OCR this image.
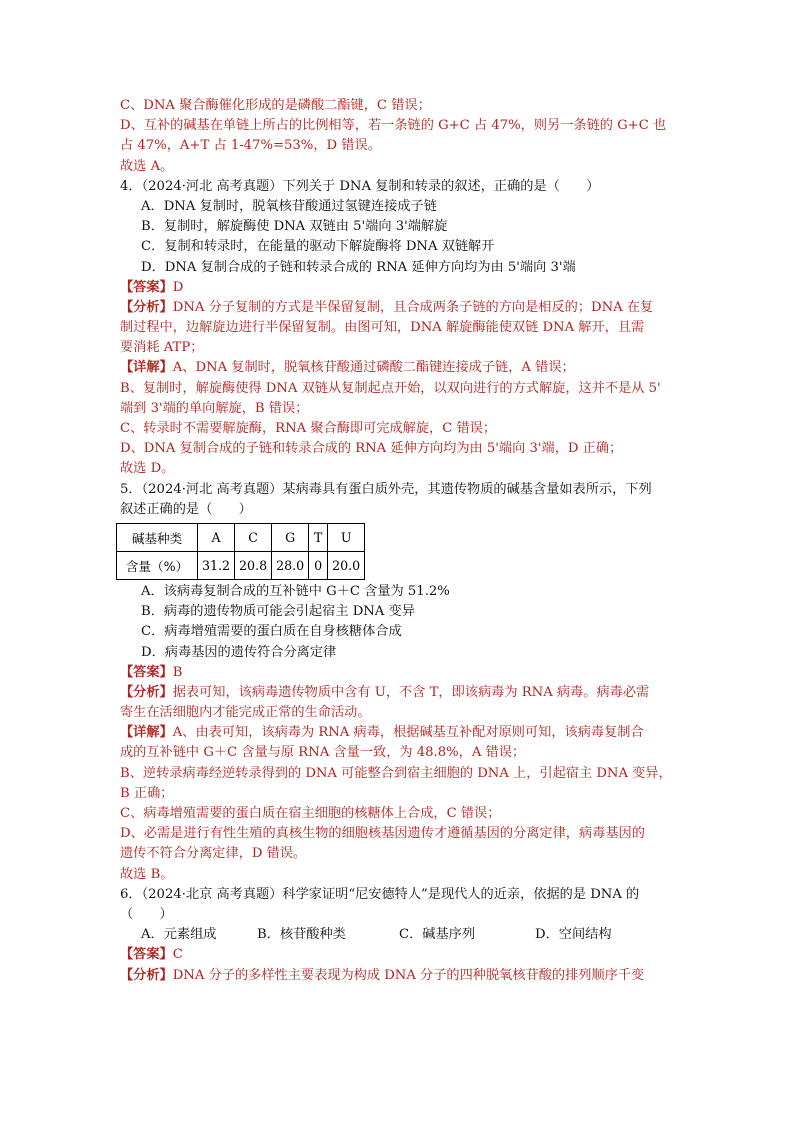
C、DNA 聚合酶催化形成的是磷酸二酯键，C 错误；
D、互补的碱基在单链上所占的比例相等，若一条链的 G+C 占 47%，则另一条链的 G+C 也
占 47%，A+T 占 1-47%=53%，D 错误。
故选 A。
4．（2024·河北 高考真题）下列关于 DNA 复制和转录的叙述，正确的是（　　）
A．DNA 复制时，脱氧核苷酸通过氢键连接成子链
B．复制时，解旋酶使 DNA 双链由 5'端向 3'端解旋
C．复制和转录时，在能量的驱动下解旋酶将 DNA 双链解开
D．DNA 复制合成的子链和转录合成的 RNA 延伸方向均为由 5'端向 3'端
【答案】D
【分析】DNA 分子复制的方式是半保留复制，且合成两条子链的方向是相反的；DNA 在复
制过程中，边解旋边进行半保留复制。由图可知，DNA 解旋酶能使双链 DNA 解开，且需
要消耗 ATP；
【详解】A、DNA 复制时，脱氧核苷酸通过磷酸二酯键连接成子链，A 错误；
B、复制时，解旋酶使得 DNA 双链从复制起点开始，以双向进行的方式解旋，这并不是从 5'
端到 3'端的单向解旋，B 错误；
C、转录时不需要解旋酶，RNA 聚合酶即可完成解旋，C 错误；
D、DNA 复制合成的子链和转录合成的 RNA 延伸方向均为由 5'端向 3'端，D 正确；
故选 D。
5．（2024·河北 高考真题）某病毒具有蛋白质外壳，其遗传物质的碱基含量如表所示，下列
叙述正确的是（　　）
碱基种类	A	C	G	T	U
含量（%）	31.2	20.8	28.0	0	20.0
A．该病毒复制合成的互补链中 G＋C 含量为 51.2%
B．病毒的遗传物质可能会引起宿主 DNA 变异
C．病毒增殖需要的蛋白质在自身核糖体合成
D．病毒基因的遗传符合分离定律
【答案】B
【分析】据表可知，该病毒遗传物质中含有 U，不含 T，即该病毒为 RNA 病毒。病毒必需
寄生在活细胞内才能完成正常的生命活动。
【详解】A、由表可知，该病毒为 RNA 病毒，根据碱基互补配对原则可知，该病毒复制合
成的互补链中 G＋C 含量与原 RNA 含量一致，为 48.8%，A 错误；
B、逆转录病毒经逆转录得到的 DNA 可能整合到宿主细胞的 DNA 上，引起宿主 DNA 变异，
B 正确；
C、病毒增殖需要的蛋白质在宿主细胞的核糖体上合成，C 错误；
D、必需是进行有性生殖的真核生物的细胞核基因遗传才遵循基因的分离定律，病毒基因的
遗传不符合分离定律，D 错误。
故选 B。
6．（2024·北京 高考真题）科学家证明“尼安德特人”是现代人的近亲，依据的是 DNA 的
（　　）
A．元素组成	B．核苷酸种类	C．碱基序列	D．空间结构
【答案】C
【分析】DNA 分子的多样性主要表现为构成 DNA 分子的四种脱氧核苷酸的排列顺序千变
